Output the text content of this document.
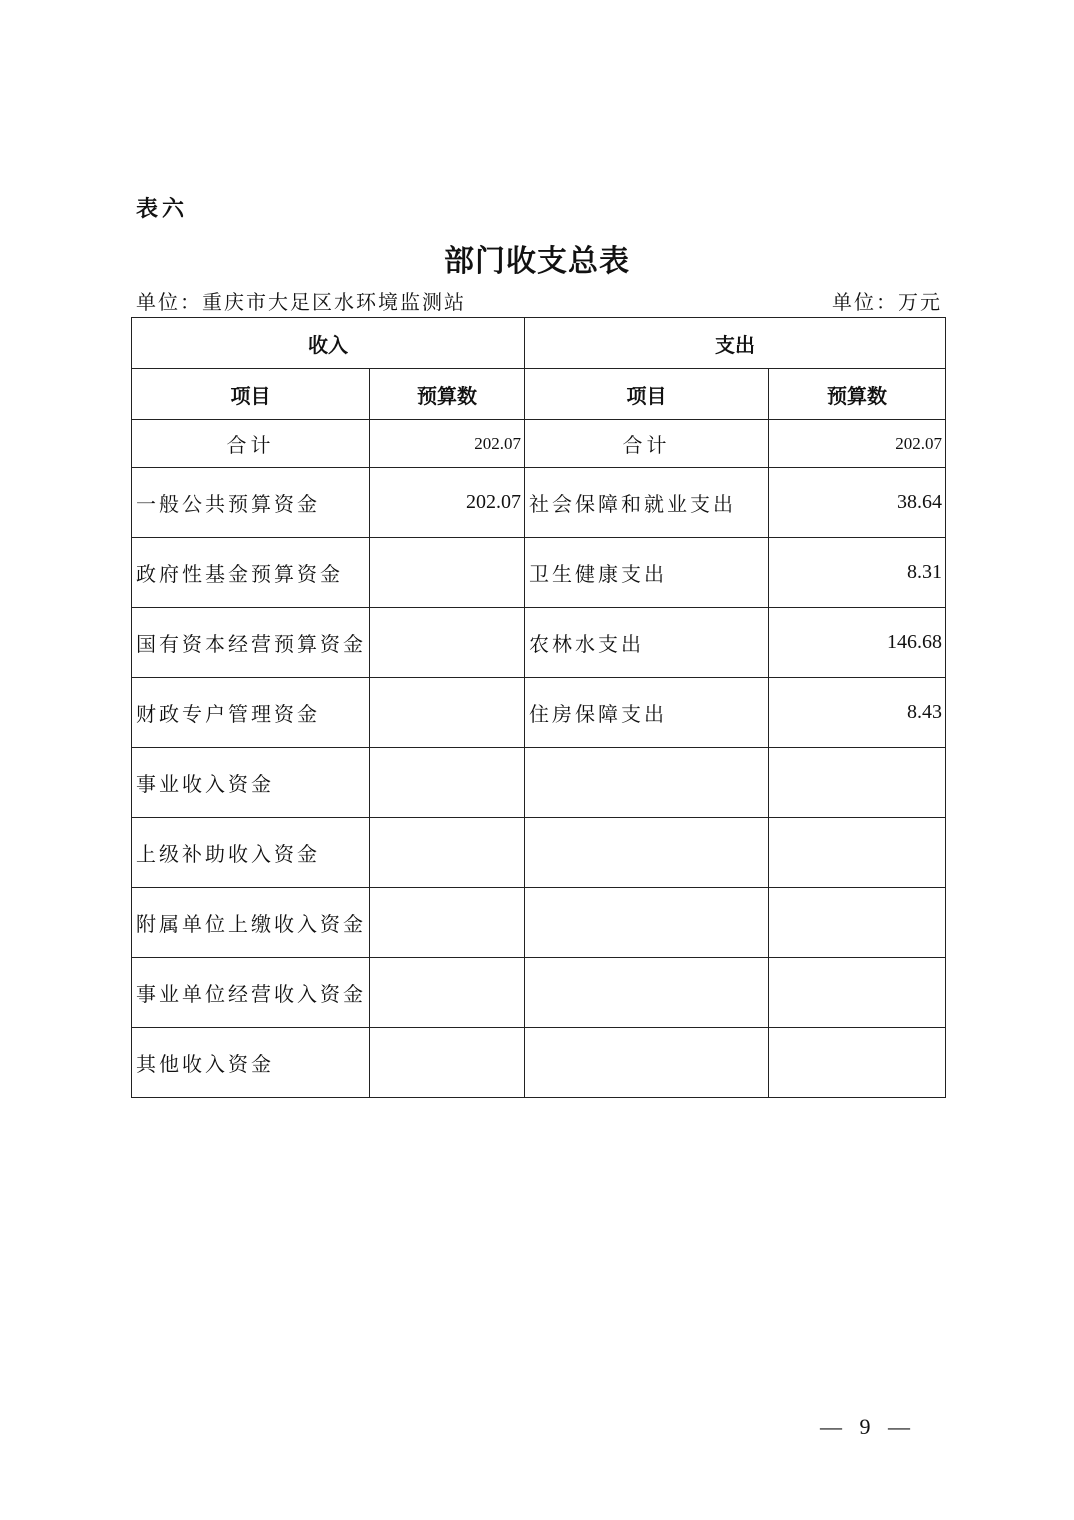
表六
部门收支总表
单位：重庆市大足区水环境监测站	单位：万元
收入		支出	
项目	预算数	项目	预算数
合计	202.07	合计	202.07
一般公共预算资金	202.07	社会保障和就业支出	38.64
政府性基金预算资金		卫生健康支出	8.31
国有资本经营预算资金		农林水支出	146.68
财政专户管理资金		住房保障支出	8.43
事业收入资金			
上级补助收入资金			
附属单位上缴收入资金			
事业单位经营收入资金			
其他收入资金			
— 9 —
